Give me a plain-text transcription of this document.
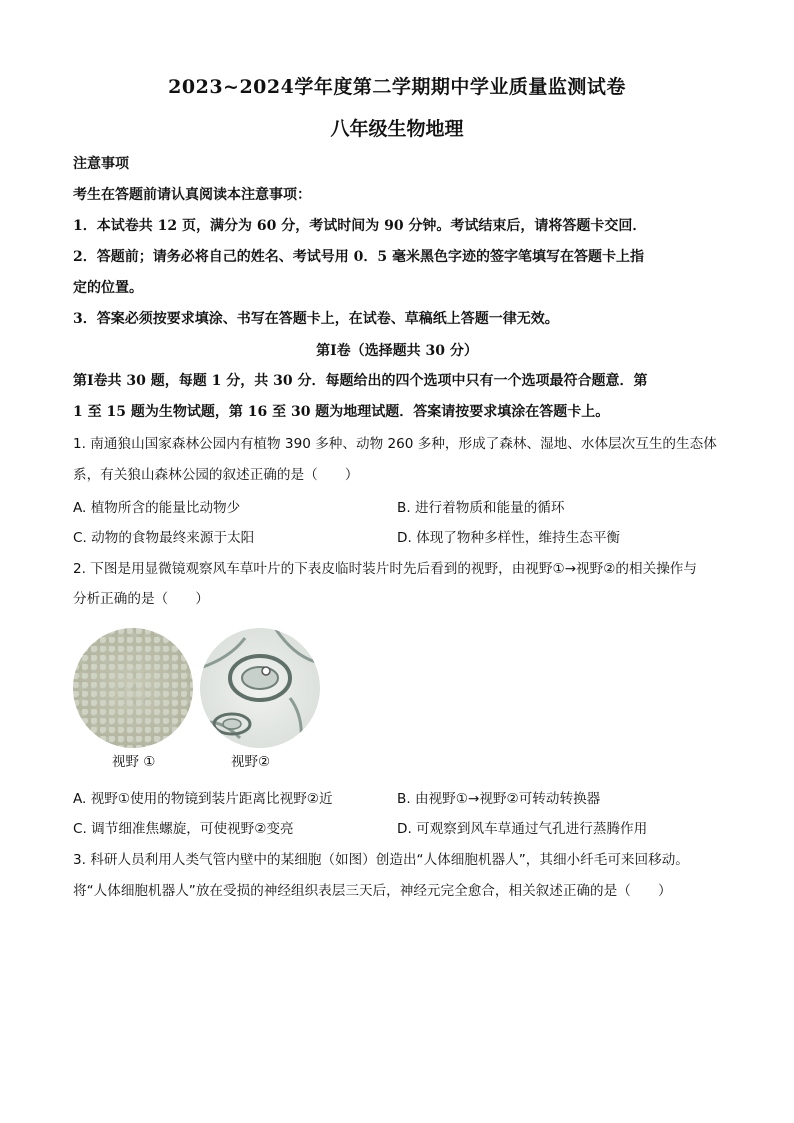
2023~2024学年度第二学期期中学业质量监测试卷
八年级生物地理
注意事项
考生在答题前请认真阅读本注意事项：
1．本试卷共 12 页，满分为 60 分，考试时间为 90 分钟。考试结束后，请将答题卡交回．
2．答题前；请务必将自己的姓名、考试号用 0．5 毫米黑色字迹的签字笔填写在答题卡上指
定的位置。
3．答案必须按要求填涂、书写在答题卡上，在试卷、草稿纸上答题一律无效。
第Ⅰ卷（选择题共 30 分）
第Ⅰ卷共 30 题，每题 1 分，共 30 分．每题给出的四个选项中只有一个选项最符合题意．第
1 至 15 题为生物试题，第 16 至 30 题为地理试题．答案请按要求填涂在答题卡上。
1. 南通狼山国家森林公园内有植物 390 多种、动物 260 多种，形成了森林、湿地、水体层次互生的生态体
系，有关狼山森林公园的叙述正确的是（　　）
A. 植物所含的能量比动物少	B. 进行着物质和能量的循环
C. 动物的食物最终来源于太阳	D. 体现了物种多样性，维持生态平衡
2. 下图是用显微镜观察风车草叶片的下表皮临时装片时先后看到的视野，由视野①→视野②的相关操作与
分析正确的是（　　）
视野 ①	视野②
A. 视野①使用的物镜到装片距离比视野②近	B. 由视野①→视野②可转动转换器
C. 调节细准焦螺旋，可使视野②变亮	D. 可观察到风车草通过气孔进行蒸腾作用
3. 科研人员利用人类气管内壁中的某细胞（如图）创造出“人体细胞机器人”，其细小纤毛可来回移动。
将“人体细胞机器人”放在受损的神经组织表层三天后，神经元完全愈合，相关叙述正确的是（　　）
